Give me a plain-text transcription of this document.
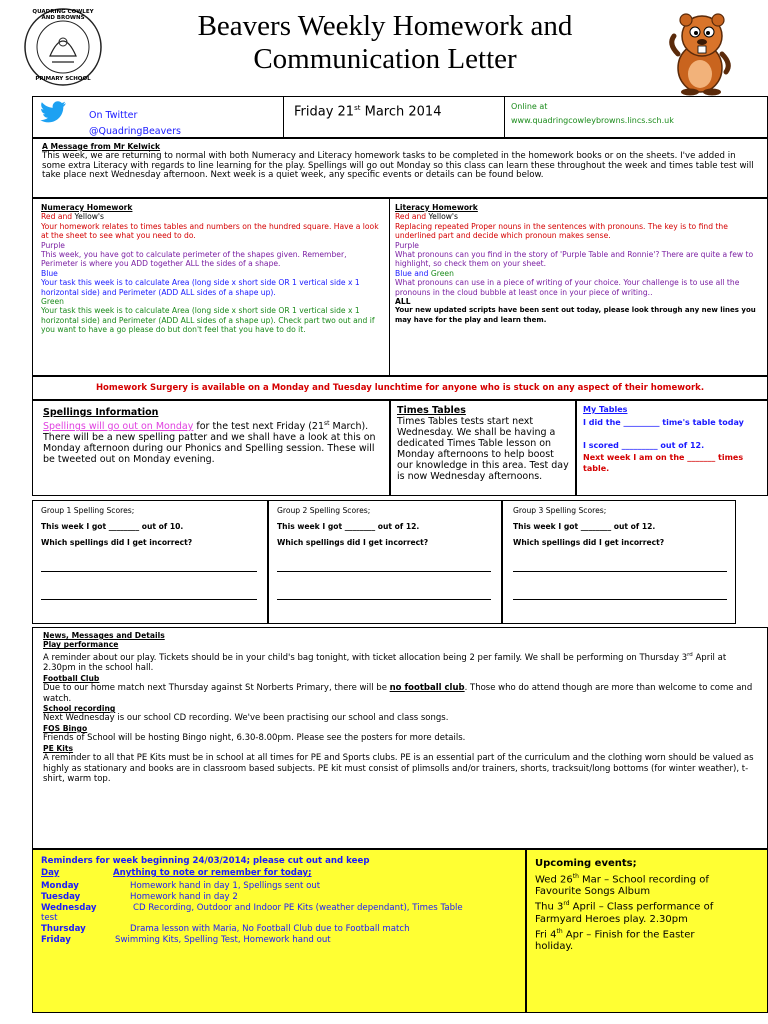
QUADRING COWLEY AND BROWNS
PRIMARY SCHOOL
Beavers Weekly Homework and
Communication Letter
On Twitter
@QuadringBeavers
Friday 21st March 2014	Online at
www.quadringcowleybrowns.lincs.sch.uk
A Message from Mr Kelwick
This week, we are returning to normal with both Numeracy and Literacy homework tasks to be completed in the homework books or on the sheets. I've added in some extra Literacy with regards to line learning for the play. Spellings will go out Monday so this class can learn these throughout the week and times table test will take place next Wednesday afternoon. Next week is a quiet week, any specific events or details can be found below.

Numeracy Homework

Red and Yellow's

Your homework relates to times tables and numbers on the hundred square. Have a look at the sheet to see what you need to do.

Purple

This week, you have got to calculate perimeter of the shapes given. Remember, Perimeter is where you ADD together ALL the sides of a shape.

Blue

Your task this week is to calculate Area (long side x short side OR 1 vertical side x 1 horizontal side) and Perimeter (ADD ALL sides of a shape up).

Green

Your task this week is to calculate Area (long side x short side OR 1 vertical side x 1 horizontal side) and Perimeter (ADD ALL sides of a shape up). Check part two out and if you want to have a go please do but don't feel that you have to do it.

Literacy Homework

Red and Yellow's

Replacing repeated Proper nouns in the sentences with pronouns. The key is to find the underlined part and decide which pronoun makes sense.

Purple

What pronouns can you find in the story of 'Purple Table and Ronnie'? There are quite a few to highlight, so check them on your sheet.

Blue and Green

What pronouns can use in a piece of writing of your choice. Your challenge is to use all the pronouns in the cloud bubble at least once in your piece of writing..

ALL

Your new updated scripts have been sent out today, please look through any new lines you may have for the play and learn them.

Homework Surgery is available on a Monday and Tuesday lunchtime for anyone who is stuck on any aspect of their homework.
Spellings Information
Spellings will go out on Monday for the test next Friday (21st March). There will be a new spelling patter and we shall have a look at this on Monday afternoon during our Phonics and Spelling session. These will be tweeted out on Monday evening.
Times Tables
Times Tables tests start next Wednesday. We shall be having a dedicated Times Table lesson on Monday afternoons to help boost our knowledge in this area. Test day is now Wednesday afternoons.
My Tables
I did the _________ time's table today
I scored _________ out of 12.
Next week I am on the _______ times table.
Group 1 Spelling Scores;
This week I got ________ out of 10.
Which spellings did I get incorrect?
Group 2 Spelling Scores;
This week I got ________ out of 12.
Which spellings did I get incorrect?
Group 3 Spelling Scores;
This week I got ________ out of 12.
Which spellings did I get incorrect?

News, Messages and Details

Play performance

A reminder about our play. Tickets should be in your child's bag tonight, with ticket allocation being 2 per family. We shall be performing on Thursday 3rd April at 2.30pm in the school hall.

Football Club

Due to our home match next Thursday against St Norberts Primary, there will be no football club. Those who do attend though are more than welcome to come and watch.

School recording

Next Wednesday is our school CD recording. We've been practising our school and class songs.

FOS Bingo

Friends of School will be hosting Bingo night, 6.30-8.00pm. Please see the posters for more details.

PE Kits

A reminder to all that PE Kits must be in school at all times for PE and Sports clubs. PE is an essential part of the curriculum and the clothing worn should be valued as highly as stationary and books are in classroom based subjects. PE kit must consist of plimsolls and/or trainers, shorts, tracksuit/long bottoms (for winter weather), t-shirt, warm top.

Reminders for week beginning 24/03/2014; please cut out and keep
Day	Anything to note or remember for today;
Monday	Homework hand in day 1, Spellings sent out
Tuesday	Homework hand in day 2
Wednesday	CD Recording, Outdoor and Indoor PE Kits (weather dependant), Times Table
test
Thursday	Drama lesson with Maria, No Football Club due to Football match
Friday	Swimming Kits, Spelling Test, Homework hand out
Upcoming events;

Wed 26th Mar – School recording of Favourite Songs Album

Thu 3rd April – Class performance of Farmyard Heroes play. 2.30pm

Fri 4th Apr – Finish for the Easter holiday.
